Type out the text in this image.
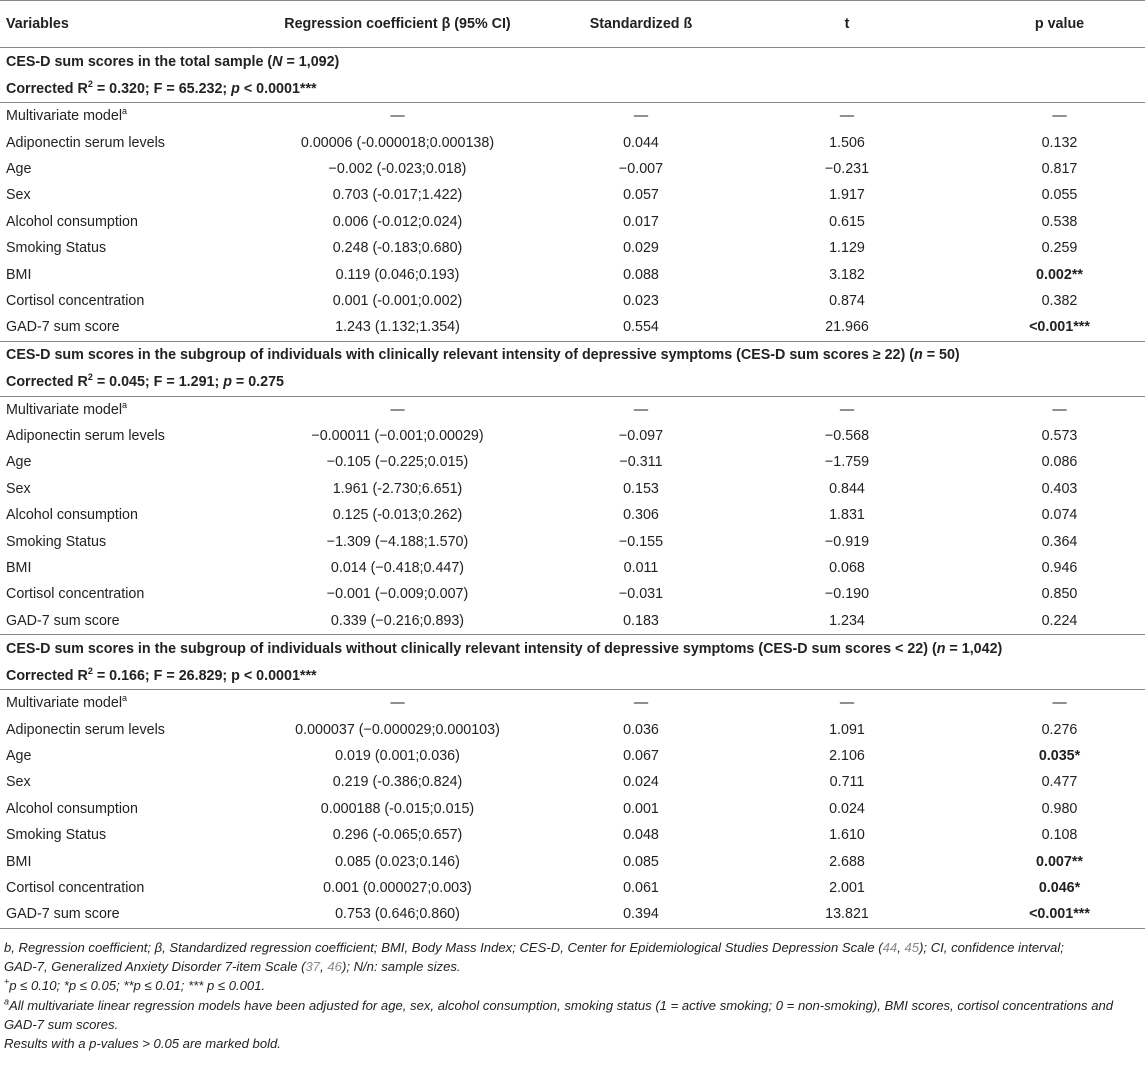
Variables	Regression coefficient β (95% CI)	Standardized ß	t	p value
CES-D sum scores in the total sample (N = 1,092)				
Corrected $R^2 = 0.320$; F = 65.232; p < 0.0001***				
Multivariate model$^a$	—	—	—	—
Adiponectin serum levels	0.00006 (-0.000018;0.000138)	0.044	1.506	0.132
Age	−0.002 (-0.023;0.018)	−0.007	−0.231	0.817
Sex	0.703 (-0.017;1.422)	0.057	1.917	0.055
Alcohol consumption	0.006 (-0.012;0.024)	0.017	0.615	0.538
Smoking Status	0.248 (-0.183;0.680)	0.029	1.129	0.259
BMI	0.119 (0.046;0.193)	0.088	3.182	0.002**
Cortisol concentration	0.001 (-0.001;0.002)	0.023	0.874	0.382
GAD-7 sum score	1.243 (1.132;1.354)	0.554	21.966	<0.001***
CES-D sum scores in the subgroup of individuals with clinically relevant intensity of depressive symptoms (CES-D sum scores ≥ 22) (n = 50)				
Corrected $R^2 = 0.045$; F = 1.291; p = 0.275				
Multivariate model$^a$	—	—	—	—
Adiponectin serum levels	−0.00011 (−0.001;0.00029)	−0.097	−0.568	0.573
Age	−0.105 (−0.225;0.015)	−0.311	−1.759	0.086
Sex	1.961 (-2.730;6.651)	0.153	0.844	0.403
Alcohol consumption	0.125 (-0.013;0.262)	0.306	1.831	0.074
Smoking Status	−1.309 (−4.188;1.570)	−0.155	−0.919	0.364
BMI	0.014 (−0.418;0.447)	0.011	0.068	0.946
Cortisol concentration	−0.001 (−0.009;0.007)	−0.031	−0.190	0.850
GAD-7 sum score	0.339 (−0.216;0.893)	0.183	1.234	0.224
CES-D sum scores in the subgroup of individuals without clinically relevant intensity of depressive symptoms (CES-D sum scores < 22) (n = 1,042)				
Corrected $R^2 = 0.166$; F = 26.829; p < 0.0001***				
Multivariate model$^a$	—	—	—	—
Adiponectin serum levels	0.000037 (−0.000029;0.000103)	0.036	1.091	0.276
Age	0.019 (0.001;0.036)	0.067	2.106	0.035*
Sex	0.219 (-0.386;0.824)	0.024	0.711	0.477
Alcohol consumption	0.000188 (-0.015;0.015)	0.001	0.024	0.980
Smoking Status	0.296 (-0.065;0.657)	0.048	1.610	0.108
BMI	0.085 (0.023;0.146)	0.085	2.688	0.007**
Cortisol concentration	0.001 (0.000027;0.003)	0.061	2.001	0.046*
GAD-7 sum score	0.753 (0.646;0.860)	0.394	13.821	<0.001***

b, Regression coefficient; β, Standardized regression coefficient; BMI, Body Mass Index; CES-D, Center for Epidemiological Studies Depression Scale (44, 45); CI, confidence interval;

GAD-7, Generalized Anxiety Disorder 7-item Scale (37, 46); N/n: sample sizes.

+p ≤ 0.10; *p ≤ 0.05; **p ≤ 0.01; *** p ≤ 0.001.

$^a$All multivariate linear regression models have been adjusted for age, sex, alcohol consumption, smoking status (1 = active smoking; 0 = non-smoking), BMI scores, cortisol concentrations and GAD-7 sum scores.

Results with a p-values > 0.05 are marked bold.
